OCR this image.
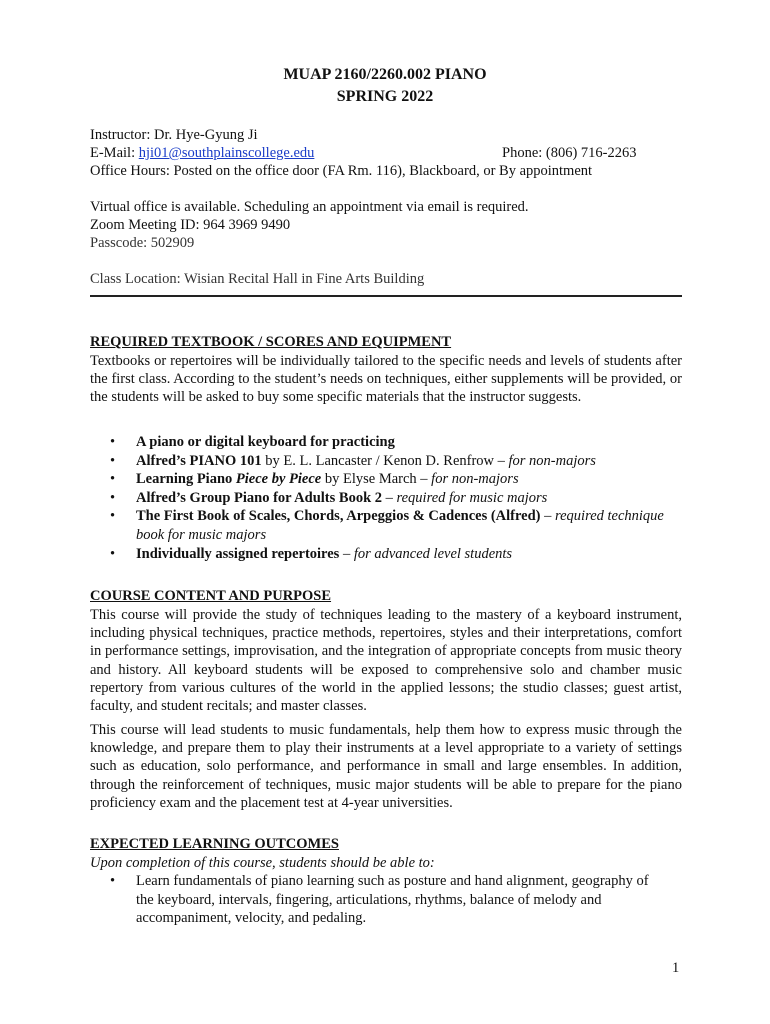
MUAP 2160/2260.002 PIANO
SPRING 2022
Instructor: Dr. Hye-Gyung Ji
E-Mail: hji01@southplainscollege.edu	Phone: (806) 716-2263
Office Hours: Posted on the office door (FA Rm. 116), Blackboard, or By appointment
Virtual office is available. Scheduling an appointment via email is required.
Zoom Meeting ID: 964 3969 9490
Passcode: 502909
Class Location: Wisian Recital Hall in Fine Arts Building
REQUIRED TEXTBOOK / SCORES AND EQUIPMENT
Textbooks or repertoires will be individually tailored to the specific needs and levels of students after the first class. According to the student’s needs on techniques, either supplements will be provided, or the students will be asked to buy some specific materials that the instructor suggests.
• A piano or digital keyboard for practicing
• Alfred’s PIANO 101 by E. L. Lancaster / Kenon D. Renfrow – for non-majors
• Learning Piano Piece by Piece by Elyse March – for non-majors
• Alfred’s Group Piano for Adults Book 2 – required for music majors
• The First Book of Scales, Chords, Arpeggios & Cadences (Alfred) – required technique book for music majors
• Individually assigned repertoires – for advanced level students
COURSE CONTENT AND PURPOSE
This course will provide the study of techniques leading to the mastery of a keyboard instrument, including physical techniques, practice methods, repertoires, styles and their interpretations, comfort in performance settings, improvisation, and the integration of appropriate concepts from music theory and history. All keyboard students will be exposed to comprehensive solo and chamber music repertory from various cultures of the world in the applied lessons; the studio classes; guest artist, faculty, and student recitals; and master classes.
This course will lead students to music fundamentals, help them how to express music through the knowledge, and prepare them to play their instruments at a level appropriate to a variety of settings such as education, solo performance, and performance in small and large ensembles. In addition, through the reinforcement of techniques, music major students will be able to prepare for the piano proficiency exam and the placement test at 4-year universities.
EXPECTED LEARNING OUTCOMES
Upon completion of this course, students should be able to:
• Learn fundamentals of piano learning such as posture and hand alignment, geography of the keyboard, intervals, fingering, articulations, rhythms, balance of melody and accompaniment, velocity, and pedaling.
1
